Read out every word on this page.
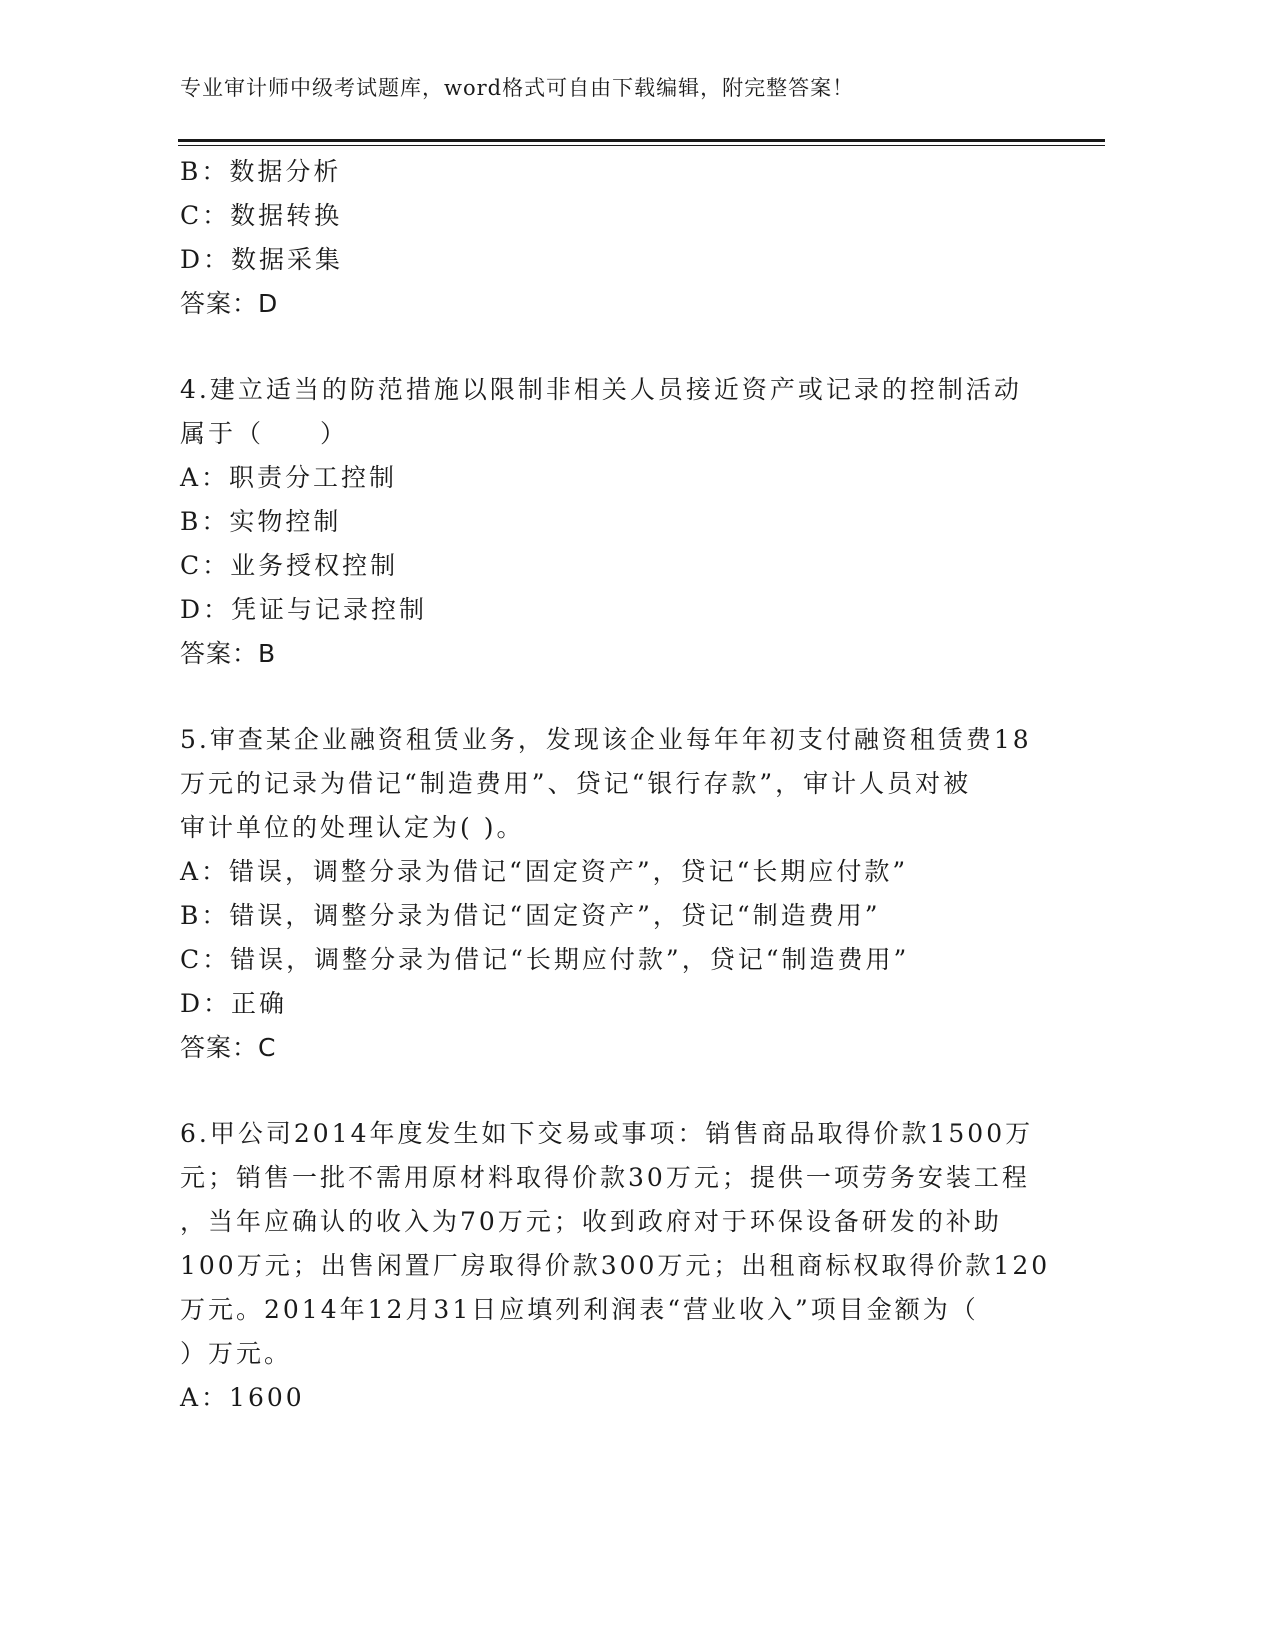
专业审计师中级考试题库，word格式可自由下载编辑，附完整答案！
B：数据分析
C：数据转换
D：数据采集
答案：D
4.建立适当的防范措施以限制非相关人员接近资产或记录的控制活动
属于（　　）
A：职责分工控制
B：实物控制
C：业务授权控制
D：凭证与记录控制
答案：B
5.审查某企业融资租赁业务，发现该企业每年年初支付融资租赁费18
万元的记录为借记“制造费用”、贷记“银行存款”，审计人员对被
审计单位的处理认定为( )。
A：错误，调整分录为借记“固定资产”，贷记“长期应付款”
B：错误，调整分录为借记“固定资产”，贷记“制造费用”
C：错误，调整分录为借记“长期应付款”，贷记“制造费用”
D：正确
答案：C
6.甲公司2014年度发生如下交易或事项：销售商品取得价款1500万
元；销售一批不需用原材料取得价款30万元；提供一项劳务安装工程
，当年应确认的收入为70万元；收到政府对于环保设备研发的补助
100万元；出售闲置厂房取得价款300万元；出租商标权取得价款120
万元。2014年12月31日应填列利润表“营业收入”项目金额为（
）万元。
A：1600
